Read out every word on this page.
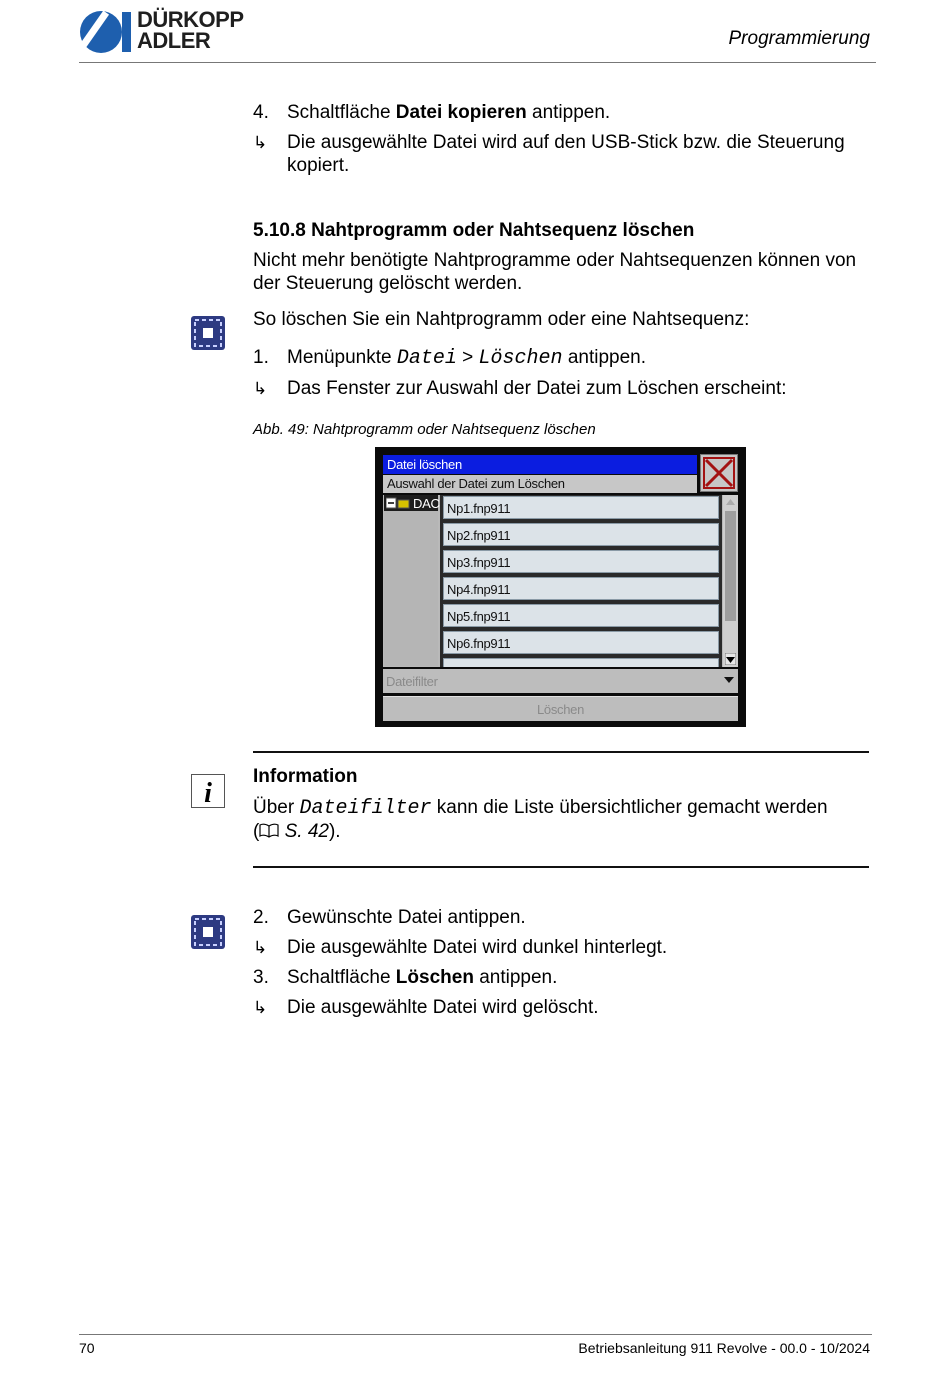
DÜRKOPP
ADLER	Programmierung
4. Schaltfläche Datei kopieren antippen.
↳	Die ausgewählte Datei wird auf den USB-Stick bzw. die Steuerung kopiert.
5.10.8 Nahtprogramm oder Nahtsequenz löschen
Nicht mehr benötigte Nahtprogramme oder Nahtsequenzen können von der Steuerung gelöscht werden.
So löschen Sie ein Nahtprogramm oder eine Nahtsequenz:
1. Menüpunkte Datei > Löschen antippen.
↳ Das Fenster zur Auswahl der Datei zum Löschen erscheint:
Abb. 49: Nahtprogramm oder Nahtsequenz löschen
Datei löschen
Auswahl der Datei zum Löschen
DAC Np1.fnp911
Np2.fnp911
Np3.fnp911
Np4.fnp911
Np5.fnp911
Np6.fnp911
Dateifilter
Löschen
i
Information
Über Dateifilter kann die Liste übersichtlicher gemacht werden
( S. 42).
2. Gewünschte Datei antippen.
↳ Die ausgewählte Datei wird dunkel hinterlegt.
3. Schaltfläche Löschen antippen.
↳ Die ausgewählte Datei wird gelöscht.
70	Betriebsanleitung 911 Revolve - 00.0 - 10/2024
